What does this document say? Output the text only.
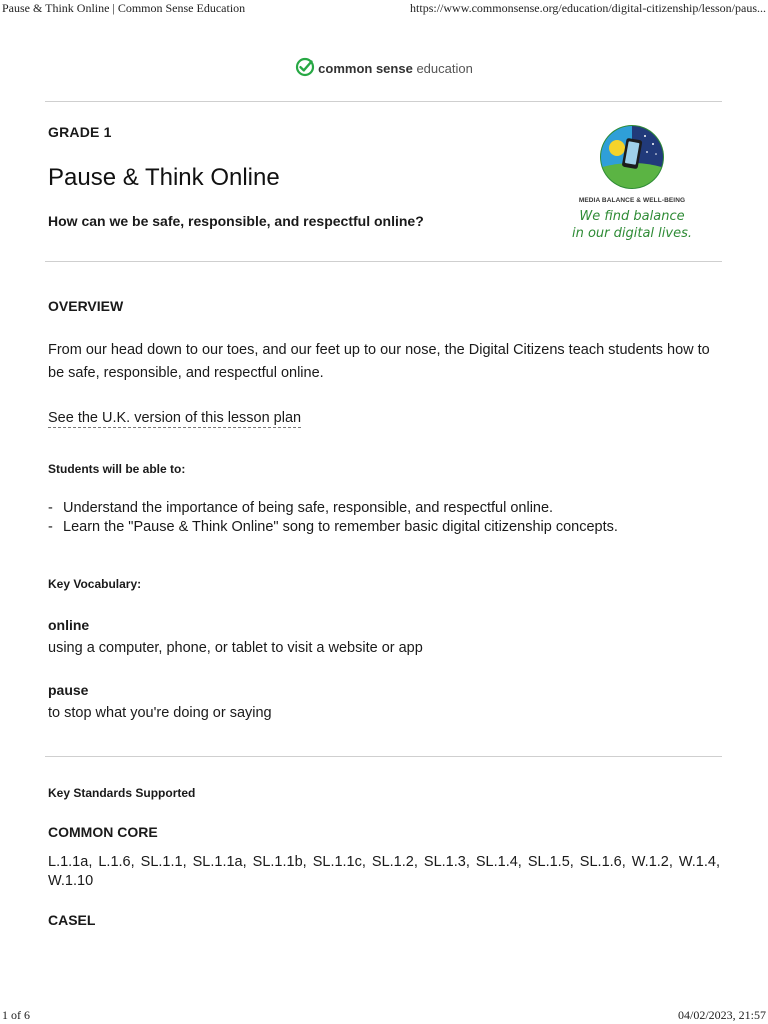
Pause & Think Online | Common Sense Education	https://www.commonsense.org/education/digital-citizenship/lesson/paus...
common sense education
GRADE 1
Pause & Think Online
How can we be safe, responsible, and respectful online?
MEDIA BALANCE & WELL-BEING
We find balance
in our digital lives.
OVERVIEW

From our head down to our toes, and our feet up to our nose, the Digital Citizens teach students how to be safe, responsible, and respectful online.

See the U.K. version of this lesson plan
Students will be able to:
- Understand the importance of being safe, responsible, and respectful online.
- Learn the "Pause & Think Online" song to remember basic digital citizenship concepts.
Key Vocabulary:
online
using a computer, phone, or tablet to visit a website or app
pause
to stop what you're doing or saying
Key Standards Supported
COMMON CORE
L.1.1a, L.1.6, SL.1.1, SL.1.1a, SL.1.1b, SL.1.1c, SL.1.2, SL.1.3, SL.1.4, SL.1.5, SL.1.6, W.1.2, W.1.4, W.1.10
CASEL
1 of 6	04/02/2023, 21:57
